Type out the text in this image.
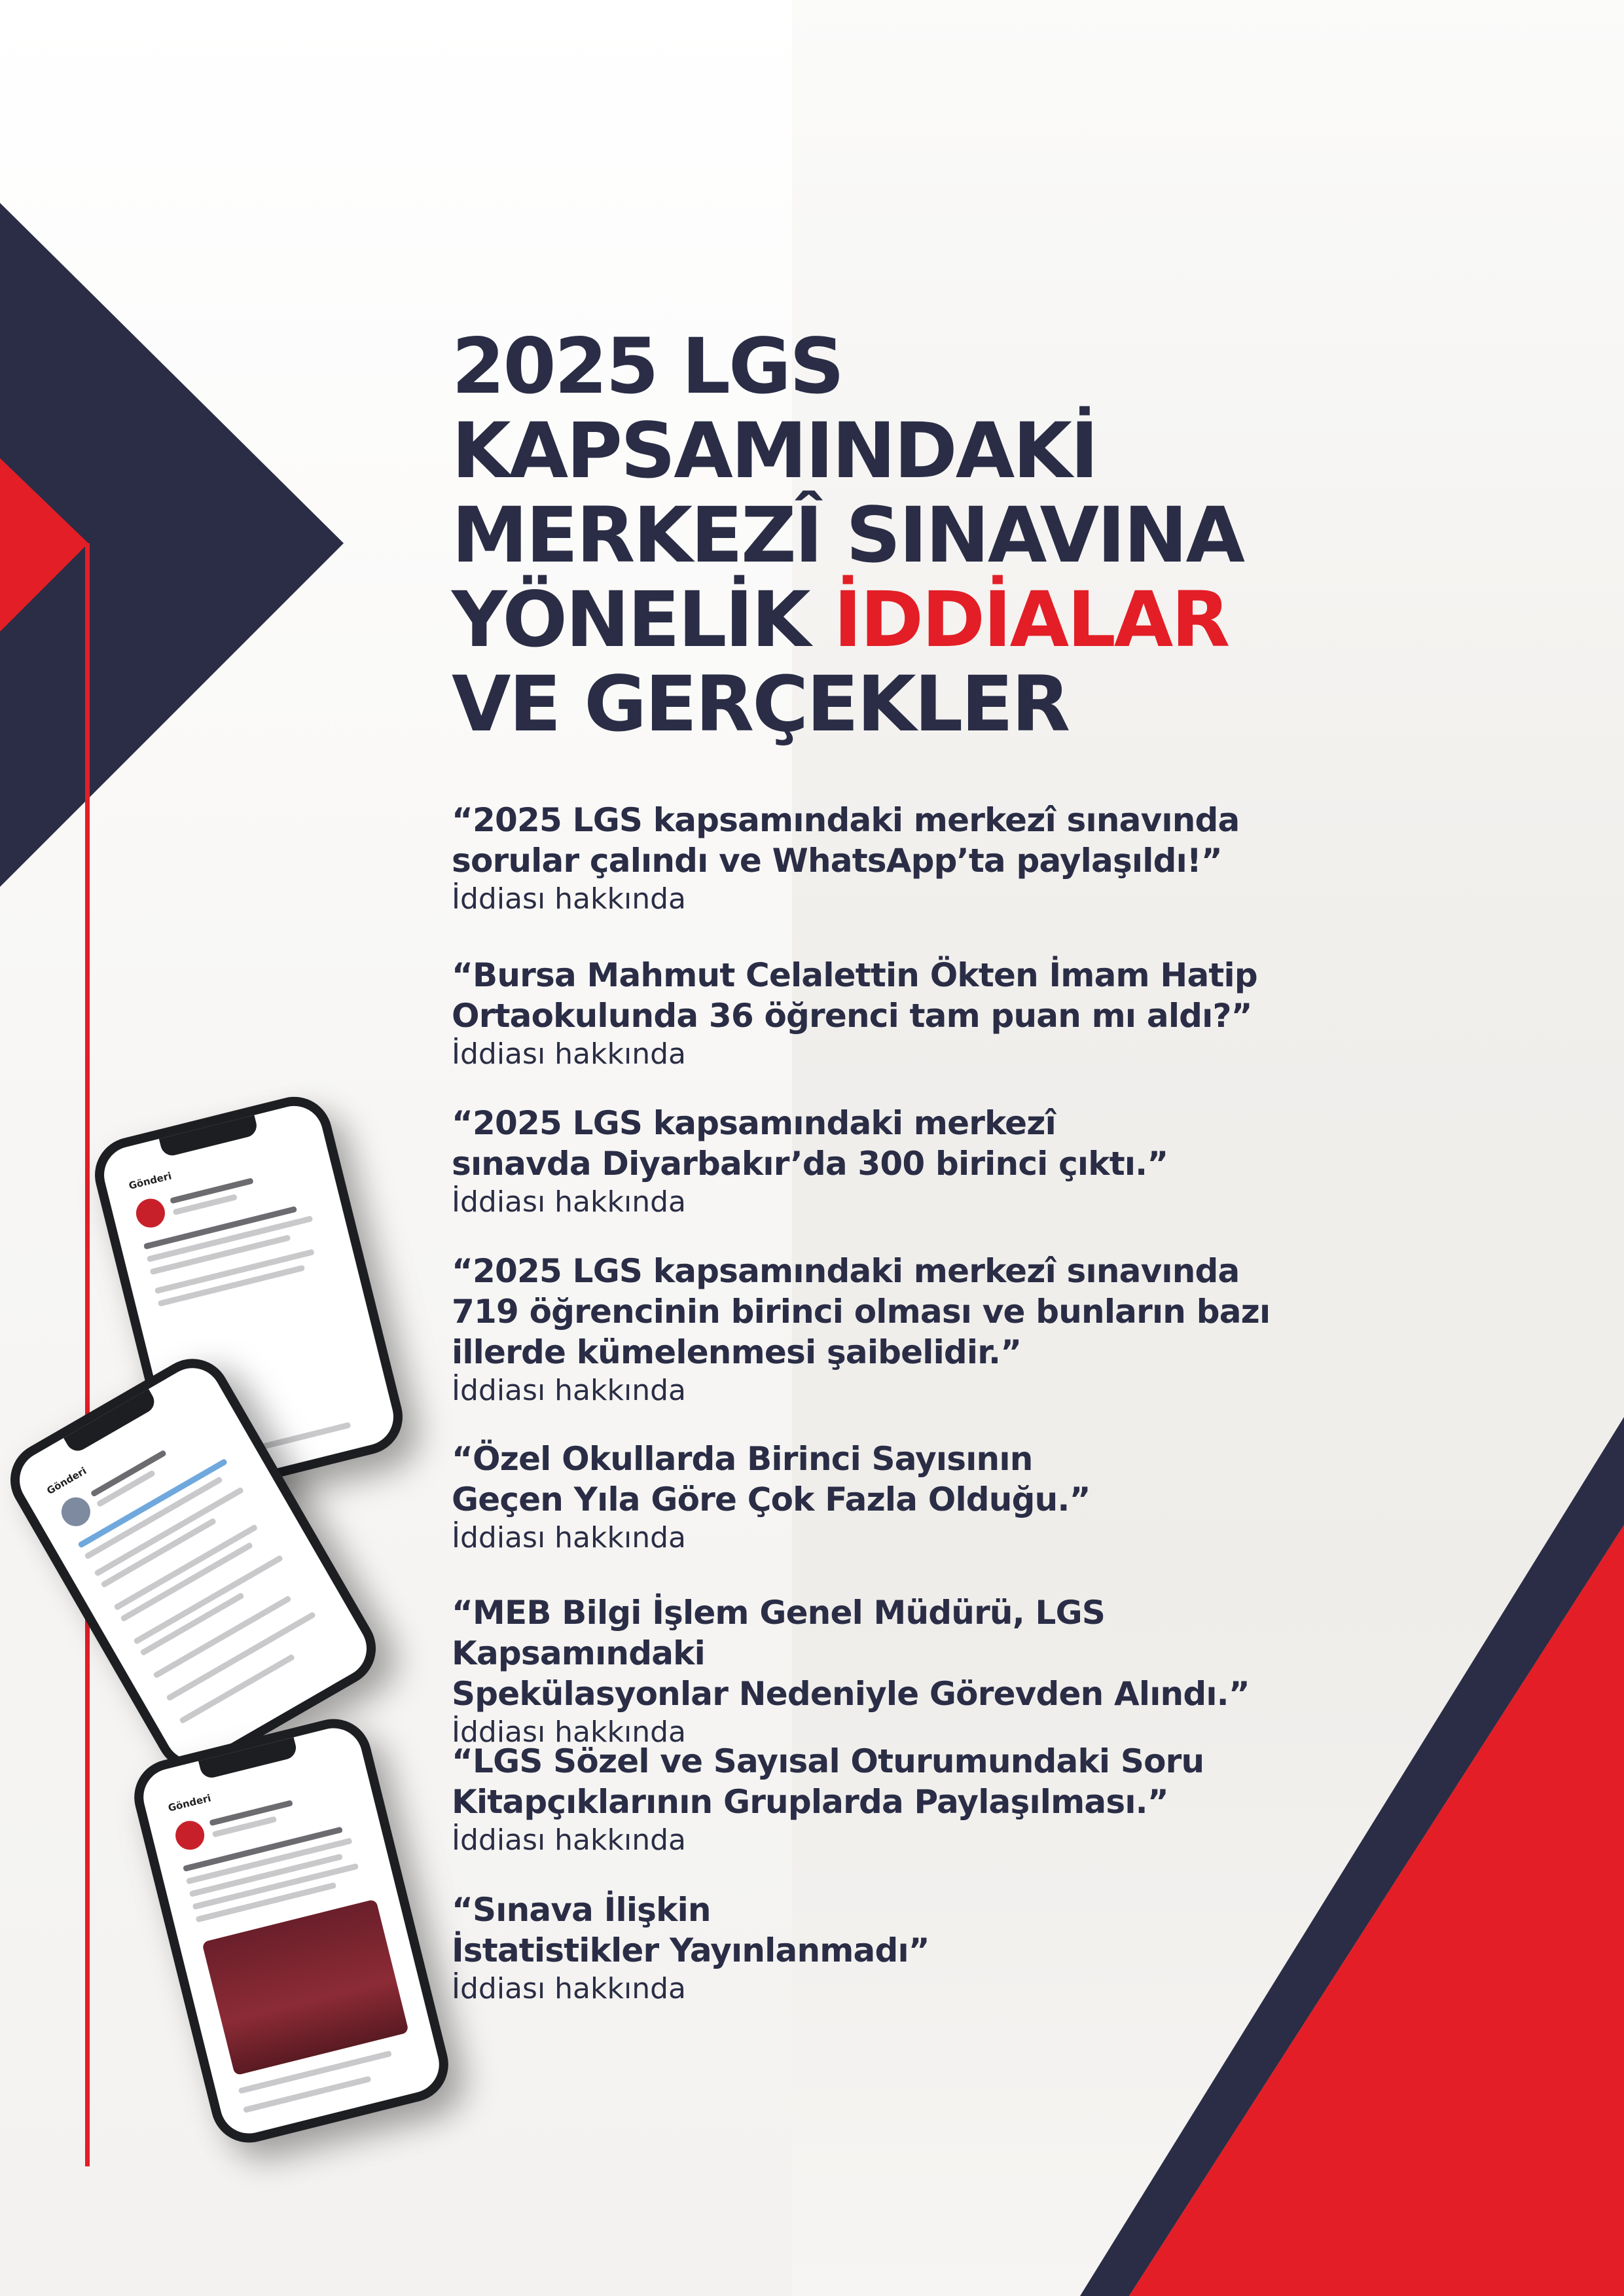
2025 LGS
KAPSAMINDAKİ
MERKEZÎ SINAVINA
YÖNELİK İDDİALAR
VE GERÇEKLER
“2025 LGS kapsamındaki merkezî sınavında
sorular çalındı ve WhatsApp’ta paylaşıldı!”
İddiası hakkında
“Bursa Mahmut Celalettin Ökten İmam Hatip
Ortaokulunda 36 öğrenci tam puan mı aldı?”
İddiası hakkında
“2025 LGS kapsamındaki merkezî
sınavda Diyarbakır’da 300 birinci çıktı.”
İddiası hakkında
“2025 LGS kapsamındaki merkezî sınavında
719 öğrencinin birinci olması ve bunların bazı
illerde kümelenmesi şaibelidir.”
İddiası hakkında
“Özel Okullarda Birinci Sayısının
Geçen Yıla Göre Çok Fazla Olduğu.”
İddiası hakkında
“MEB Bilgi İşlem Genel Müdürü, LGS Kapsamındaki
Spekülasyonlar Nedeniyle Görevden Alındı.”
İddiası hakkında
“LGS Sözel ve Sayısal Oturumundaki Soru
Kitapçıklarının Gruplarda Paylaşılması.”
İddiası hakkında
“Sınava İlişkin
İstatistikler Yayınlanmadı”
İddiası hakkında
Gönderi
Gönderi
Gönderi
